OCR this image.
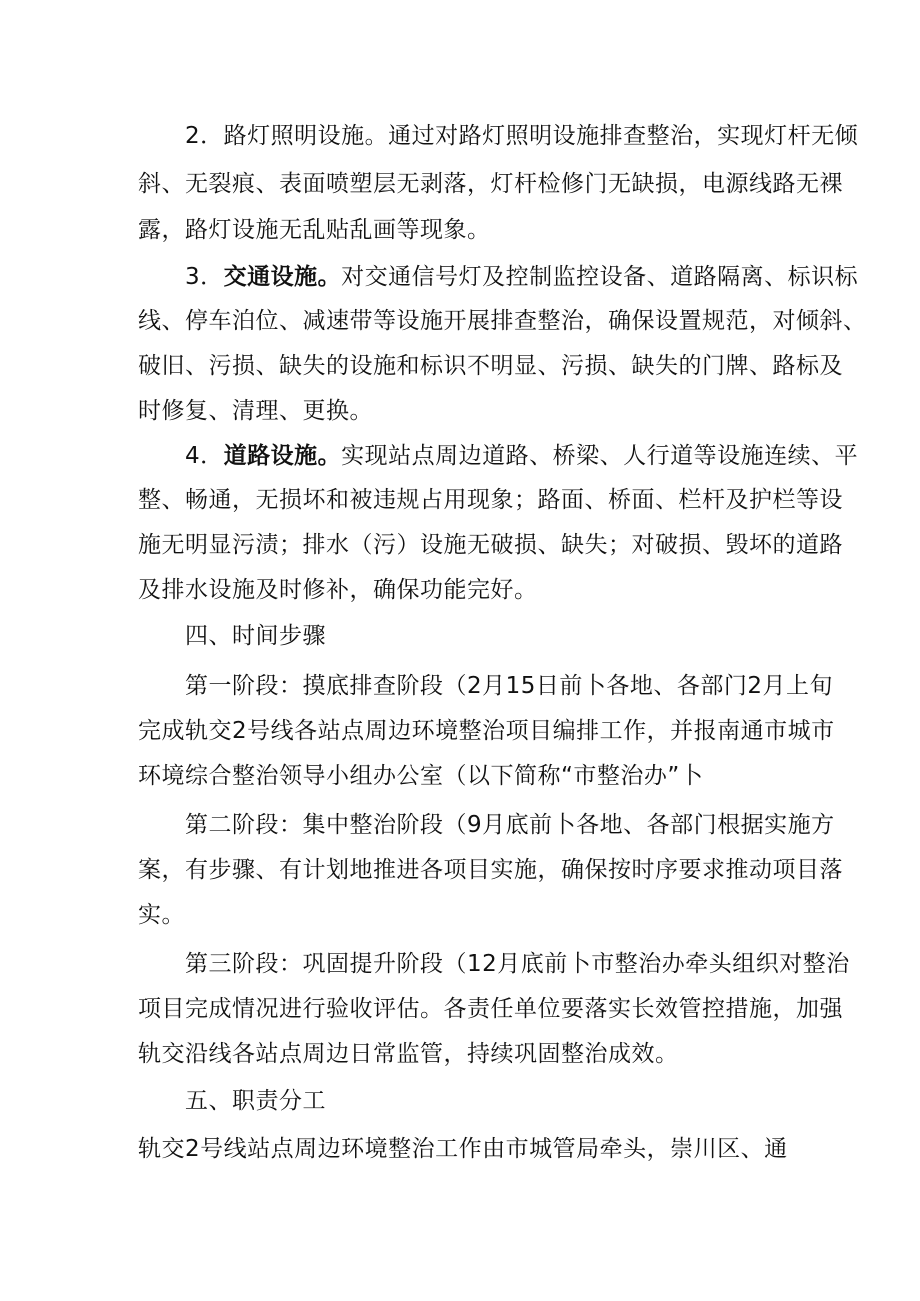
2．路灯照明设施。通过对路灯照明设施排查整治，实现灯杆无倾
斜、无裂痕、表面喷塑层无剥落，灯杆检修门无缺损，电源线路无裸
露，路灯设施无乱贴乱画等现象。
3．交通设施。对交通信号灯及控制监控设备、道路隔离、标识标
线、停车泊位、减速带等设施开展排查整治，确保设置规范，对倾斜、
破旧、污损、缺失的设施和标识不明显、污损、缺失的门牌、路标及
时修复、清理、更换。
4．道路设施。实现站点周边道路、桥梁、人行道等设施连续、平
整、畅通，无损坏和被违规占用现象；路面、桥面、栏杆及护栏等设
施无明显污渍；排水（污）设施无破损、缺失；对破损、毁坏的道路
及排水设施及时修补，确保功能完好。
四、时间步骤
第一阶段：摸底排查阶段（2月15日前卜各地、各部门2月上旬
完成轨交2号线各站点周边环境整治项目编排工作，并报南通市城市
环境综合整治领导小组办公室（以下简称“市整治办”卜
第二阶段：集中整治阶段（9月底前卜各地、各部门根据实施方
案，有步骤、有计划地推进各项目实施，确保按时序要求推动项目落
实。
第三阶段：巩固提升阶段（12月底前卜市整治办牵头组织对整治
项目完成情况进行验收评估。各责任单位要落实长效管控措施，加强
轨交沿线各站点周边日常监管，持续巩固整治成效。
五、职责分工
轨交2号线站点周边环境整治工作由市城管局牵头，崇川区、通
